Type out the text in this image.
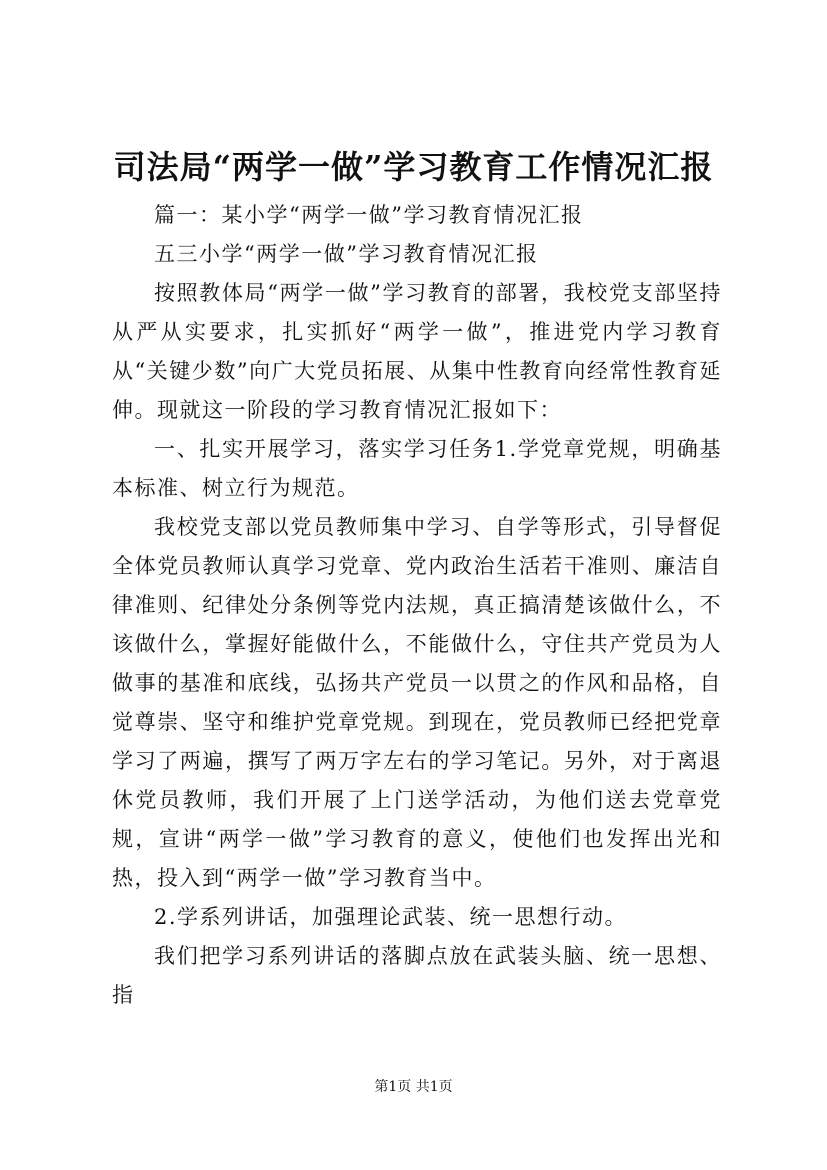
司法局“两学一做”学习教育工作情况汇报

篇一：某小学“两学一做”学习教育情况汇报

五三小学“两学一做”学习教育情况汇报

按照教体局“两学一做”学习教育的部署，我校党支部坚持从严从实要求，扎实抓好“两学一做”，推进党内学习教育从“关键少数”向广大党员拓展、从集中性教育向经常性教育延伸。现就这一阶段的学习教育情况汇报如下：

一、扎实开展学习，落实学习任务1.学党章党规，明确基本标准、树立行为规范。

我校党支部以党员教师集中学习、自学等形式，引导督促全体党员教师认真学习党章、党内政治生活若干准则、廉洁自律准则、纪律处分条例等党内法规，真正搞清楚该做什么，不该做什么，掌握好能做什么，不能做什么，守住共产党员为人做事的基准和底线，弘扬共产党员一以贯之的作风和品格，自觉尊崇、坚守和维护党章党规。到现在，党员教师已经把党章学习了两遍，撰写了两万字左右的学习笔记。另外，对于离退休党员教师，我们开展了上门送学活动，为他们送去党章党规，宣讲“两学一做”学习教育的意义，使他们也发挥出光和热，投入到“两学一做”学习教育当中。

2.学系列讲话，加强理论武装、统一思想行动。

我们把学习系列讲话的落脚点放在武装头脑、统一思想、指

第1页 共1页
